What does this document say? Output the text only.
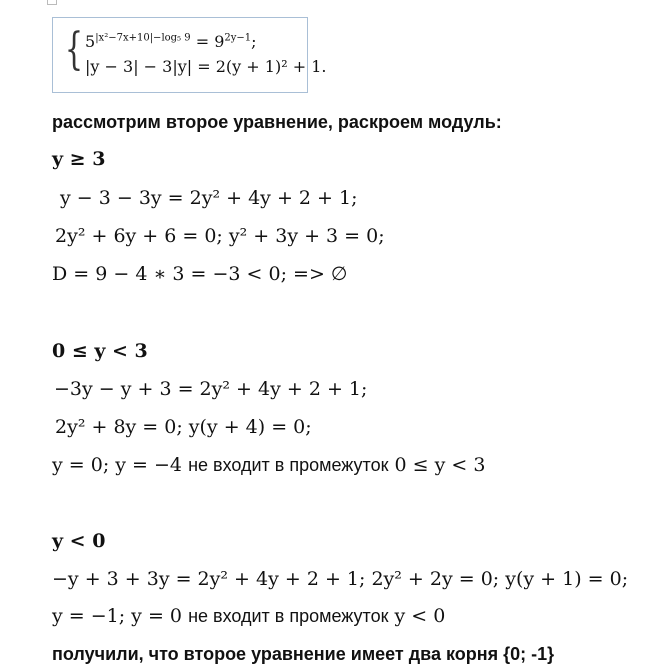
{ $5^{|x^2-7x+10|-log_5 9} = 9^{2y-1}$;
|y − 3| − 3|y| = 2(y + 1)² + 1.
рассмотрим второе уравнение, раскроем модуль:
y ≥ 3
y − 3 − 3y = 2y² + 4y + 2 + 1;
2y² + 6y + 6 = 0; y² + 3y + 3 = 0;
D = 9 − 4 ∗ 3 = −3 < 0; => ∅
0 ≤ y < 3
−3y − y + 3 = 2y² + 4y + 2 + 1;
2y² + 8y = 0; y(y + 4) = 0;
y = 0; y = −4 не входит в промежуток 0 ≤ y < 3
y < 0
−y + 3 + 3y = 2y² + 4y + 2 + 1; 2y² + 2y = 0; y(y + 1) = 0;
y = −1; y = 0 не входит в промежуток y < 0
получили, что второе уравнение имеет два корня {0; -1}
